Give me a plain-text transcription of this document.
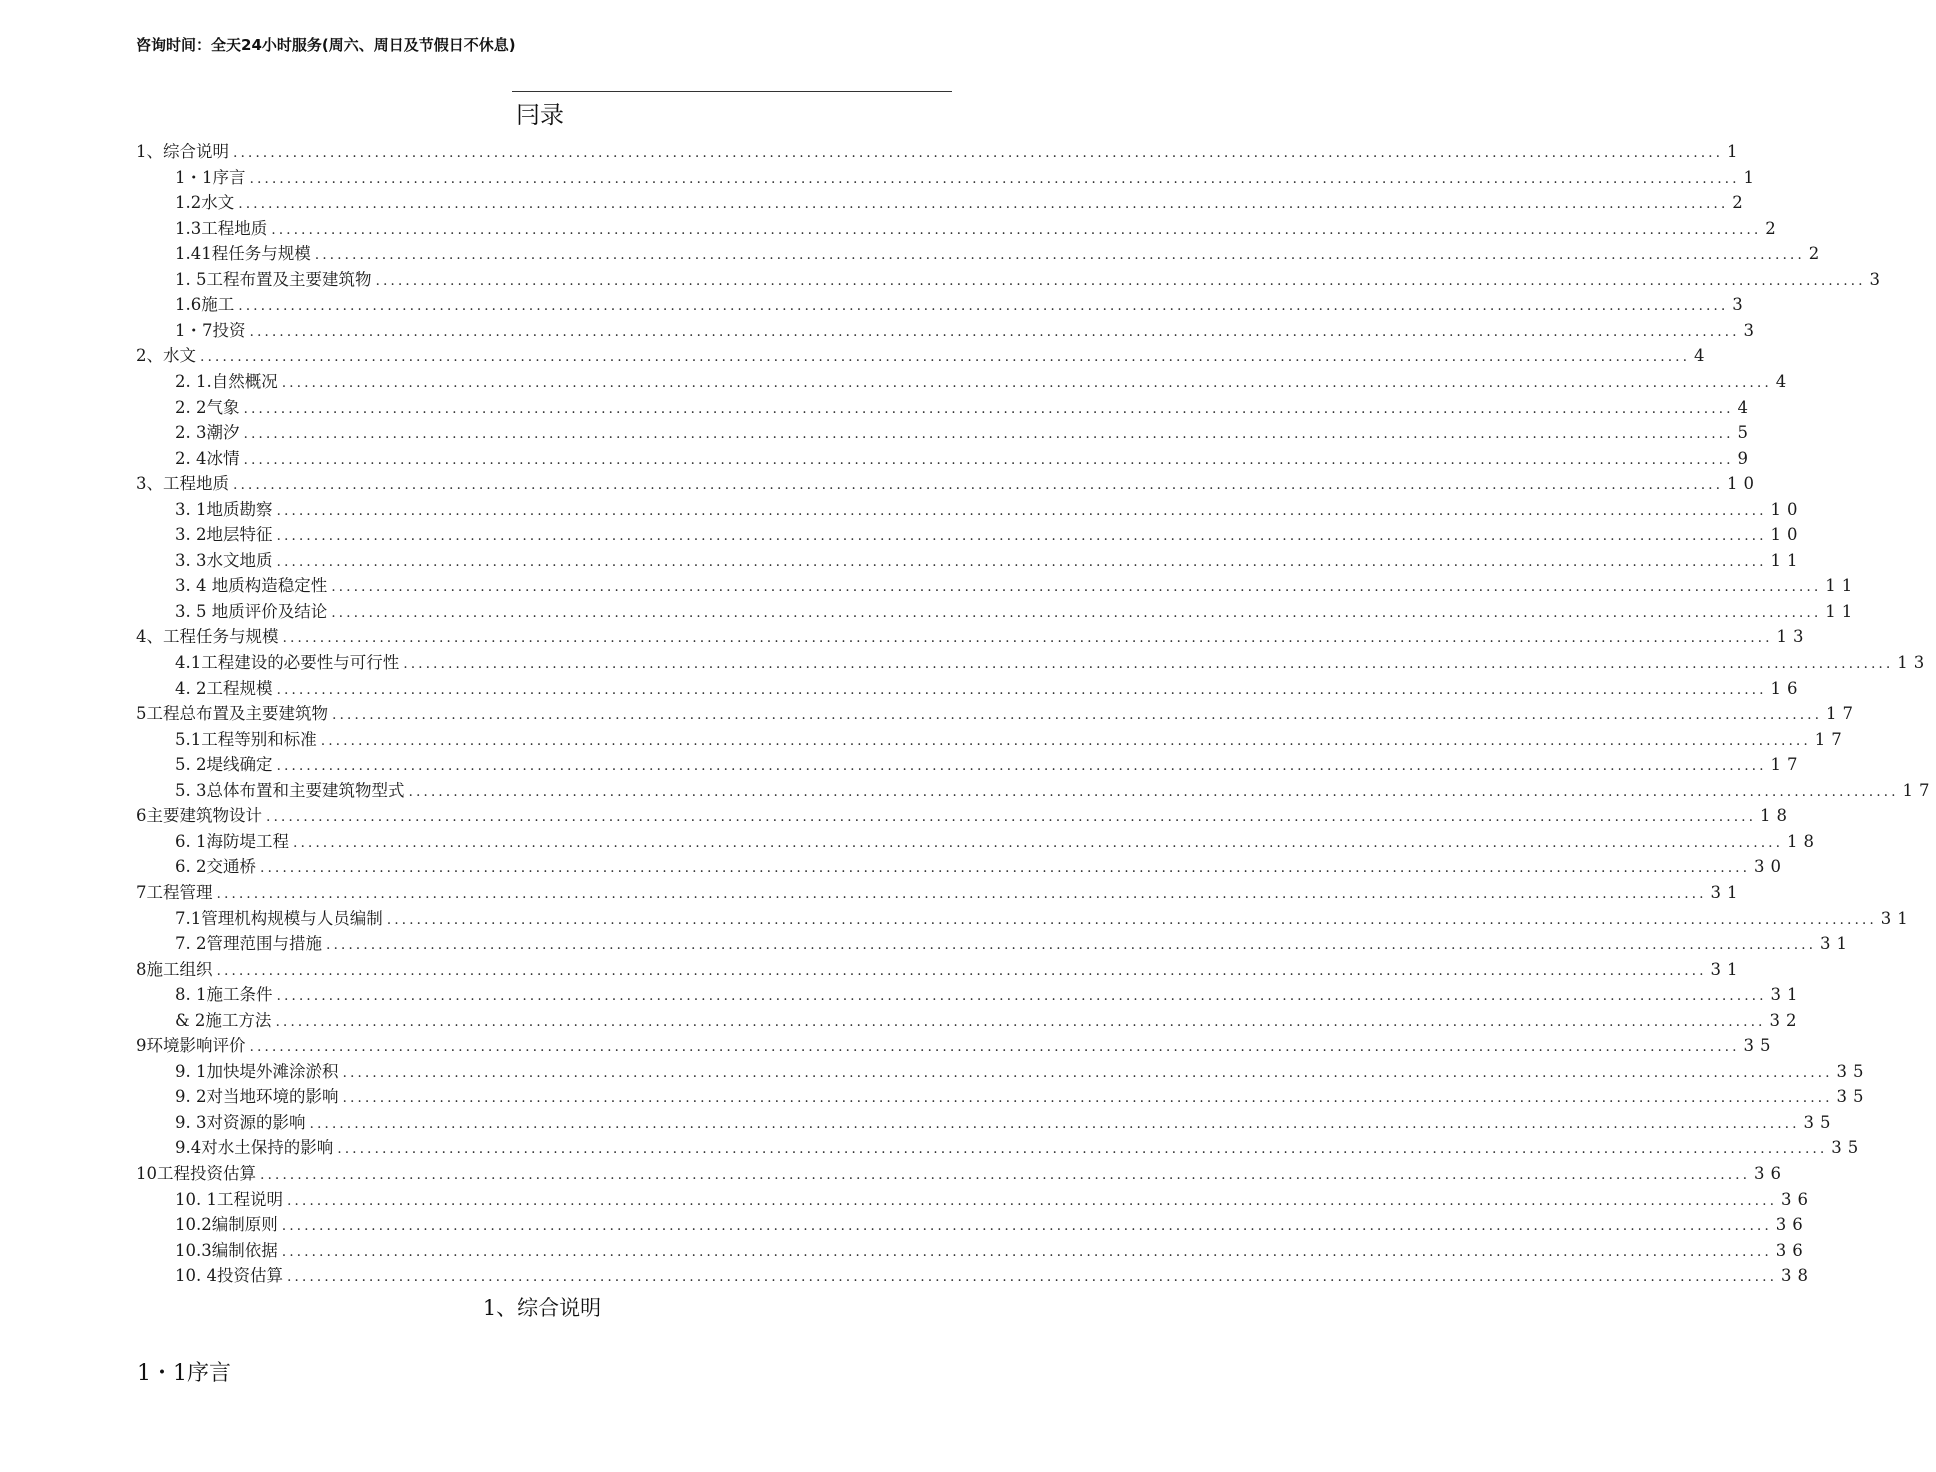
咨询时间：全天24小时服务(周六、周日及节假日不休息)
冃录
1、综合说明 ........................................................................................................................................................................................................ 1
1・1序言 ........................................................................................................................................................................................................ 1
1.2水文 ........................................................................................................................................................................................................ 2
1.3工程地质 ........................................................................................................................................................................................................ 2
1.41程任务与规模 ........................................................................................................................................................................................................ 2
1. 5工程布置及主要建筑物 ........................................................................................................................................................................................................ 3
1.6施工 ........................................................................................................................................................................................................ 3
1・7投资 ........................................................................................................................................................................................................ 3
2、水文 ........................................................................................................................................................................................................ 4
2. 1.自然概况 ........................................................................................................................................................................................................ 4
2. 2气象 ........................................................................................................................................................................................................ 4
2. 3潮汐 ........................................................................................................................................................................................................ 5
2. 4冰情 ........................................................................................................................................................................................................ 9
3、工程地质 ........................................................................................................................................................................................................ 10
3. 1地质勘察 ........................................................................................................................................................................................................ 10
3. 2地层特征 ........................................................................................................................................................................................................ 10
3. 3水文地质 ........................................................................................................................................................................................................ 11
3. 4 地质构造稳定性 ........................................................................................................................................................................................................ 11
3. 5 地质评价及结论 ........................................................................................................................................................................................................ 11
4、工程任务与规模 ........................................................................................................................................................................................................ 13
4.1工程建设的必要性与可行性 ........................................................................................................................................................................................................ 13
4. 2工程规模 ........................................................................................................................................................................................................ 16
5工程总布置及主要建筑物 ........................................................................................................................................................................................................ 17
5.1工程等别和标准 ........................................................................................................................................................................................................ 17
5. 2堤线确定 ........................................................................................................................................................................................................ 17
5. 3总体布置和主要建筑物型式 ........................................................................................................................................................................................................ 17
6主要建筑物设计 ........................................................................................................................................................................................................ 18
6. 1海防堤工程 ........................................................................................................................................................................................................ 18
6. 2交通桥 ........................................................................................................................................................................................................ 30
7工程管理 ........................................................................................................................................................................................................ 31
7.1管理机构规模与人员编制 ........................................................................................................................................................................................................ 31
7. 2管理范围与措施 ........................................................................................................................................................................................................ 31
8施工组织 ........................................................................................................................................................................................................ 31
8. 1施工条件 ........................................................................................................................................................................................................ 31
& 2施工方法 ........................................................................................................................................................................................................ 32
9环境影响评价 ........................................................................................................................................................................................................ 35
9. 1加快堤外滩涂淤积 ........................................................................................................................................................................................................ 35
9. 2对当地环境的影响 ........................................................................................................................................................................................................ 35
9. 3对资源的影响 ........................................................................................................................................................................................................ 35
9.4对水土保持的影响 ........................................................................................................................................................................................................ 35
10工程投资估算 ........................................................................................................................................................................................................ 36
10. 1工程说明 ........................................................................................................................................................................................................ 36
10.2编制原则 ........................................................................................................................................................................................................ 36
10.3编制依据 ........................................................................................................................................................................................................ 36
10. 4投资估算 ........................................................................................................................................................................................................ 38
1、综合说明
1・1序言
